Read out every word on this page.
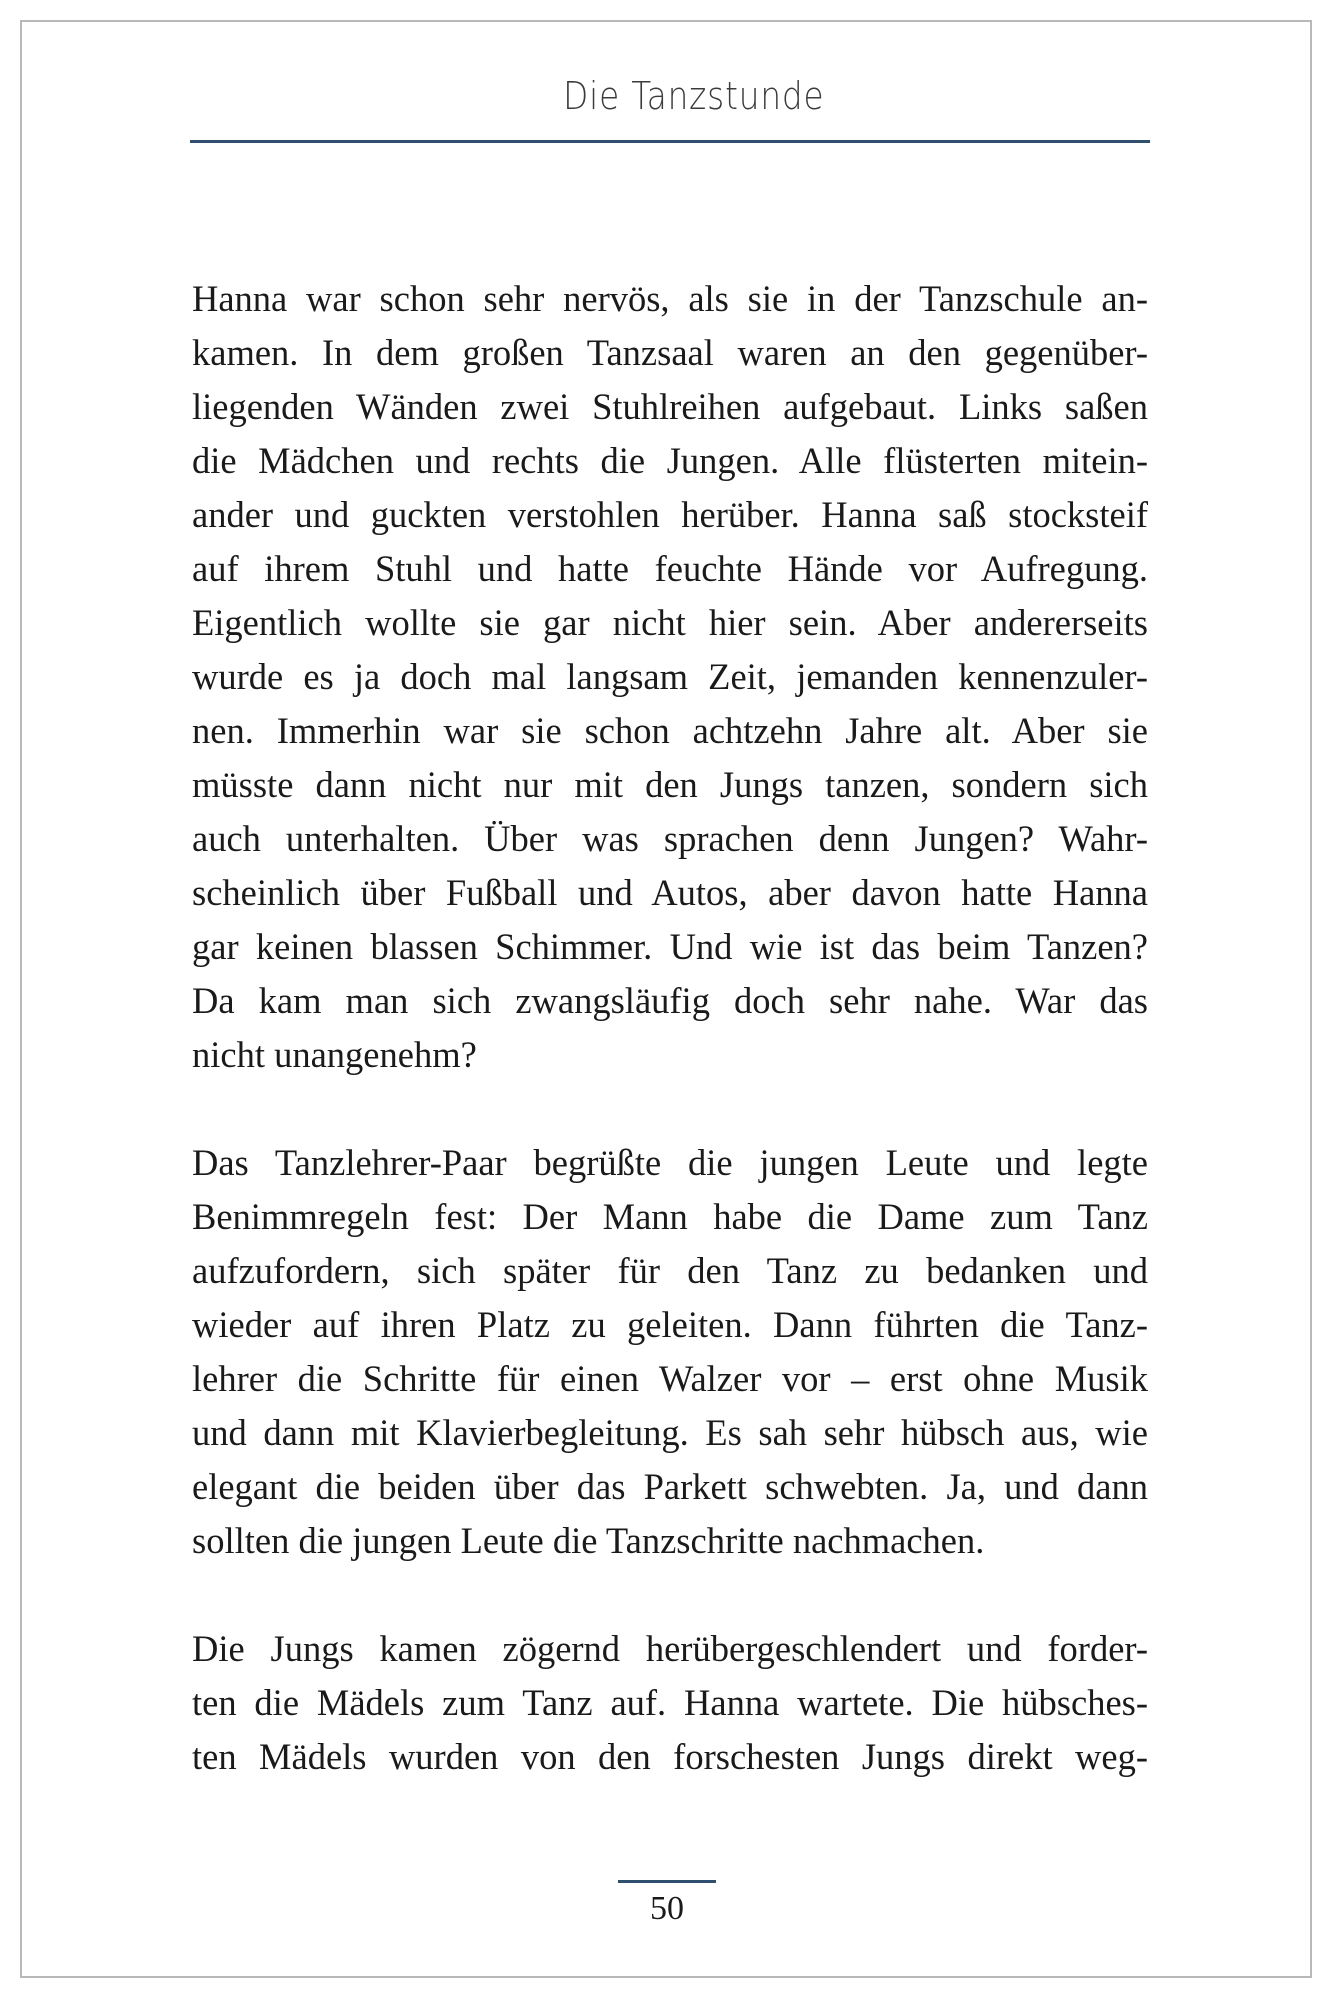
Die Tanzstunde
Hanna war schon sehr nervös, als sie in der Tanzschule an-
kamen. In dem großen Tanzsaal waren an den gegenüber-
liegenden Wänden zwei Stuhlreihen aufgebaut. Links saßen
die Mädchen und rechts die Jungen. Alle flüsterten mitein-
ander und guckten verstohlen herüber. Hanna saß stocksteif
auf ihrem Stuhl und hatte feuchte Hände vor Aufregung.
Eigentlich wollte sie gar nicht hier sein. Aber andererseits
wurde es ja doch mal langsam Zeit, jemanden kennenzuler-
nen. Immerhin war sie schon achtzehn Jahre alt. Aber sie
müsste dann nicht nur mit den Jungs tanzen, sondern sich
auch unterhalten. Über was sprachen denn Jungen? Wahr-
scheinlich über Fußball und Autos, aber davon hatte Hanna
gar keinen blassen Schimmer. Und wie ist das beim Tanzen?
Da kam man sich zwangsläufig doch sehr nahe. War das
nicht unangenehm?
Das Tanzlehrer-Paar begrüßte die jungen Leute und legte
Benimmregeln fest: Der Mann habe die Dame zum Tanz
aufzufordern, sich später für den Tanz zu bedanken und
wieder auf ihren Platz zu geleiten. Dann führten die Tanz-
lehrer die Schritte für einen Walzer vor – erst ohne Musik
und dann mit Klavierbegleitung. Es sah sehr hübsch aus, wie
elegant die beiden über das Parkett schwebten. Ja, und dann
sollten die jungen Leute die Tanzschritte nachmachen.
Die Jungs kamen zögernd herübergeschlendert und forder-
ten die Mädels zum Tanz auf. Hanna wartete. Die hübsches-
ten Mädels wurden von den forschesten Jungs direkt weg-
50
